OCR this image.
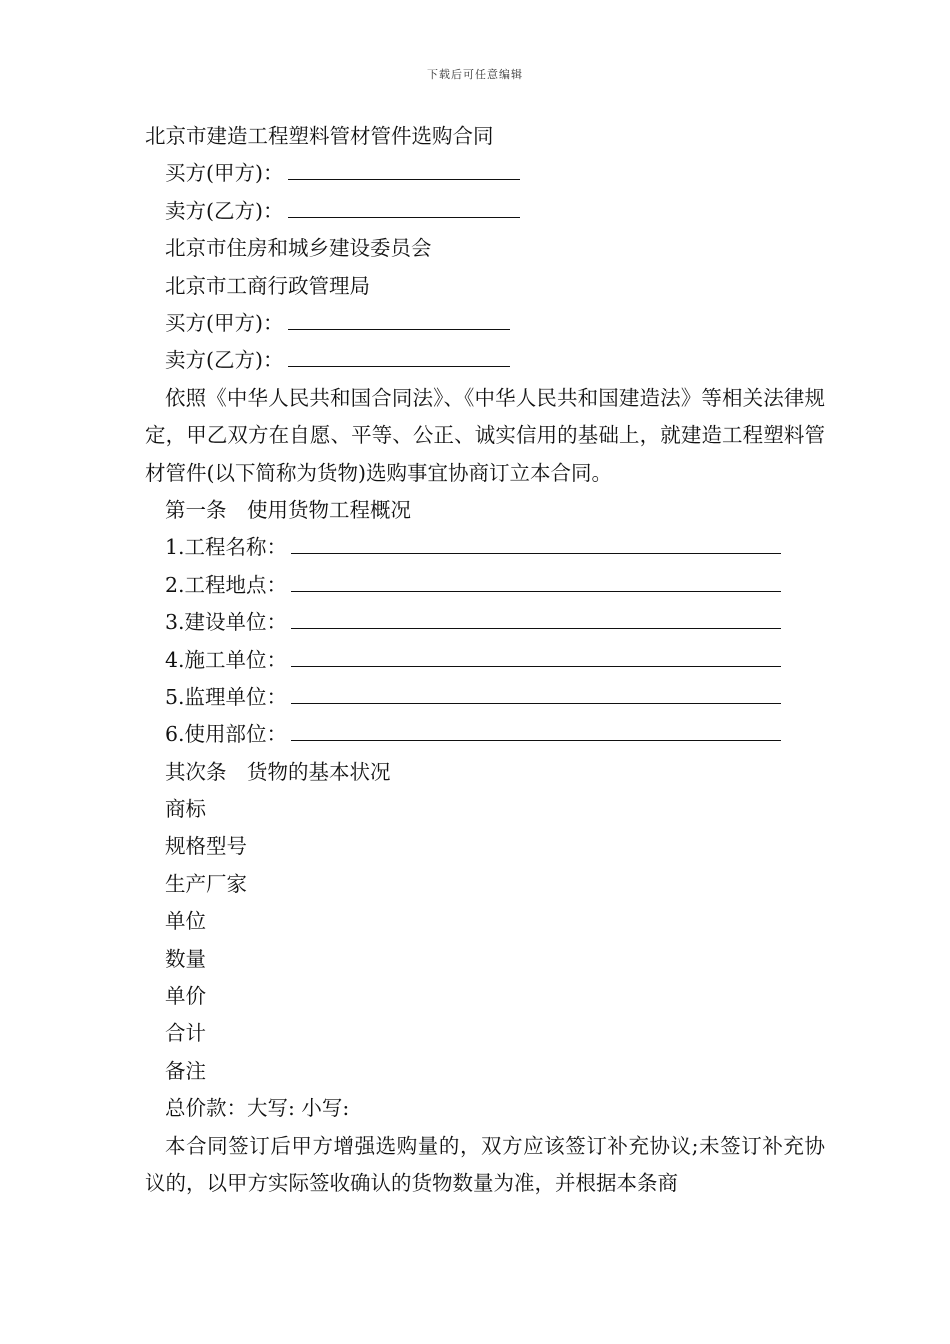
下载后可任意编辑
北京市建造工程塑料管材管件选购合同
买方(甲方)：
卖方(乙方)：
北京市住房和城乡建设委员会
北京市工商行政管理局
买方(甲方)：
卖方(乙方)：

依照《中华人民共和国合同法》、《中华人民共和国建造法》等相关法律规定，甲乙双方在自愿、平等、公正、诚实信用的基础上，就建造工程塑料管材管件(以下简称为货物)选购事宜协商订立本合同。

第一条　使用货物工程概况
1.工程名称：
2.工程地点：
3.建设单位：
4.施工单位：
5.监理单位：
6.使用部位：
其次条　货物的基本状况
商标
规格型号
生产厂家
单位
数量
单价
合计
备注
总价款：大写: 小写:

本合同签订后甲方增强选购量的，双方应该签订补充协议;未签订补充协议的，以甲方实际签收确认的货物数量为准，并根据本条商
